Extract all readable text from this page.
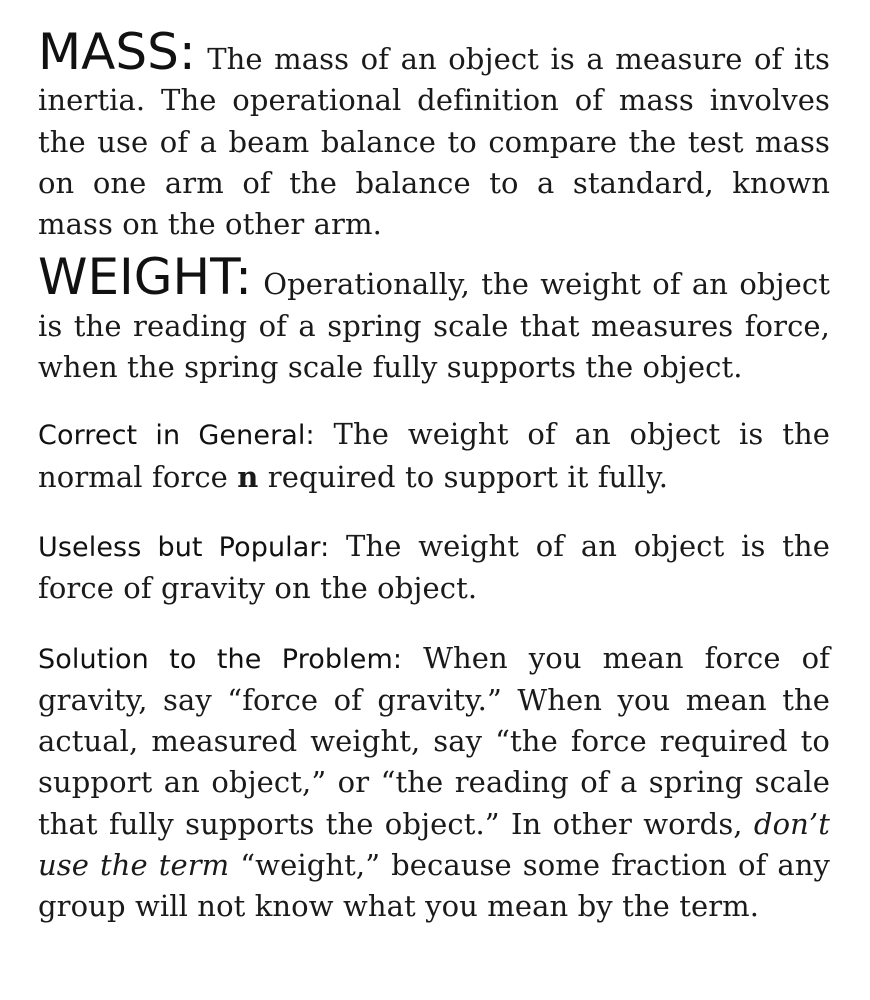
MASS: The mass of an object is a measure of its inertia. The operational definition of mass involves the use of a beam balance to compare the test mass on one arm of the balance to a standard, known mass on the other arm.

WEIGHT: Operationally, the weight of an object is the reading of a spring scale that measures force, when the spring scale fully supports the object.

Correct in General: The weight of an object is the normal force n required to support it fully.

Useless but Popular: The weight of an object is the force of gravity on the object.

Solution to the Problem: When you mean force of gravity, say “force of gravity.” When you mean the actual, measured weight, say “the force required to support an object,” or “the reading of a spring scale that fully supports the object.” In other words, don’t use the term “weight,” because some fraction of any group will not know what you mean by the term.
